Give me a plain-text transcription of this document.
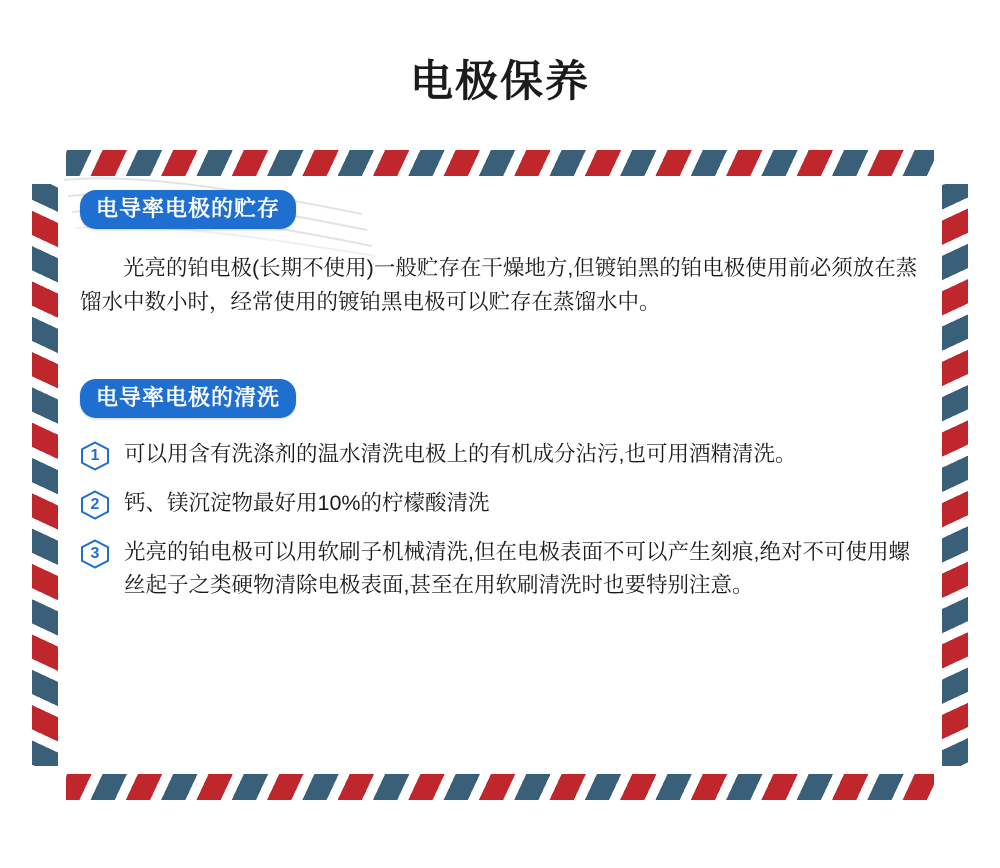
电极保养
电导率电极的贮存

光亮的铂电极(长期不使用)一般贮存在干燥地方,但镀铂黑的铂电极使用前必须放在蒸馏水中数小时，经常使用的镀铂黑电极可以贮存在蒸馏水中。

电导率电极的清洗
1	可以用含有洗涤剂的温水清洗电极上的有机成分沾污,也可用酒精清洗。
2	钙、镁沉淀物最好用10%的柠檬酸清洗
3	光亮的铂电极可以用软刷子机械清洗,但在电极表面不可以产生刻痕,绝对不可使用螺丝起子之类硬物清除电极表面,甚至在用软刷清洗时也要特别注意。
